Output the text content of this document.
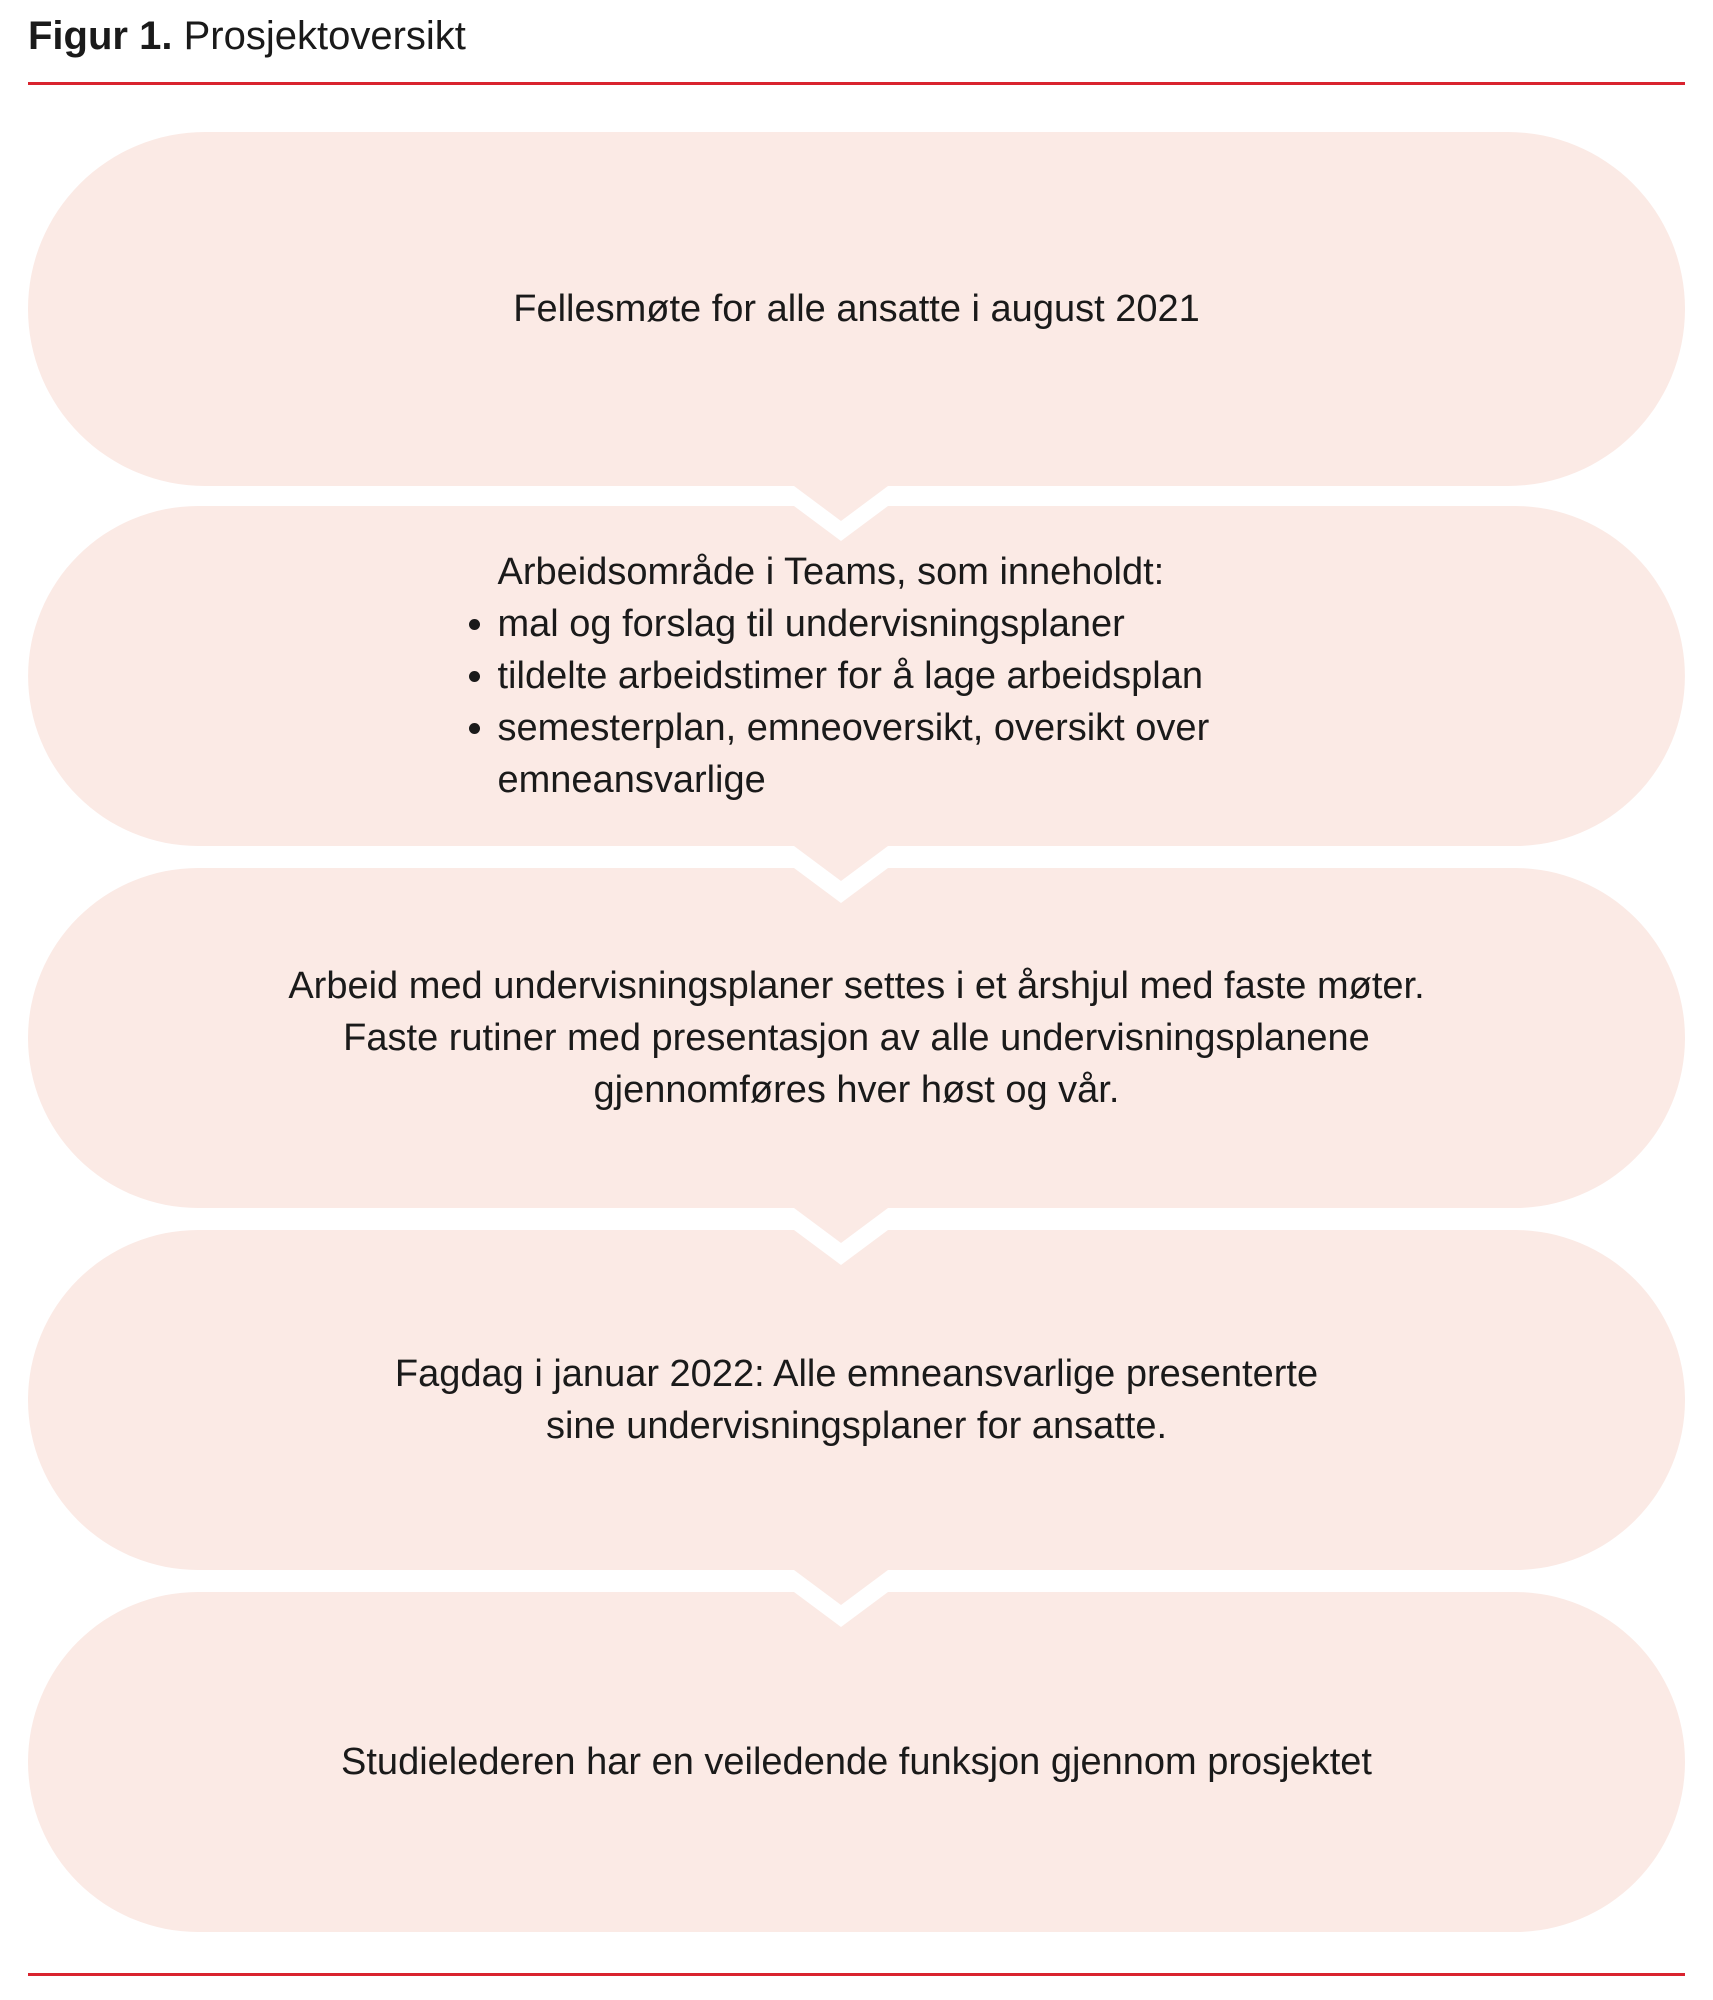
Figur 1. Prosjektoversikt
Fellesmøte for alle ansatte i august 2021
Arbeidsområde i Teams, som inneholdt:
• mal og forslag til undervisningsplaner
• tildelte arbeidstimer for å lage arbeidsplan
• semesterplan, emneoversikt, oversikt over emneansvarlige
Arbeid med undervisningsplaner settes i et årshjul med faste møter.
Faste rutiner med presentasjon av alle undervisningsplanene
gjennomføres hver høst og vår.
Fagdag i januar 2022: Alle emneansvarlige presenterte
sine undervisningsplaner for ansatte.
Studielederen har en veiledende funksjon gjennom prosjektet
